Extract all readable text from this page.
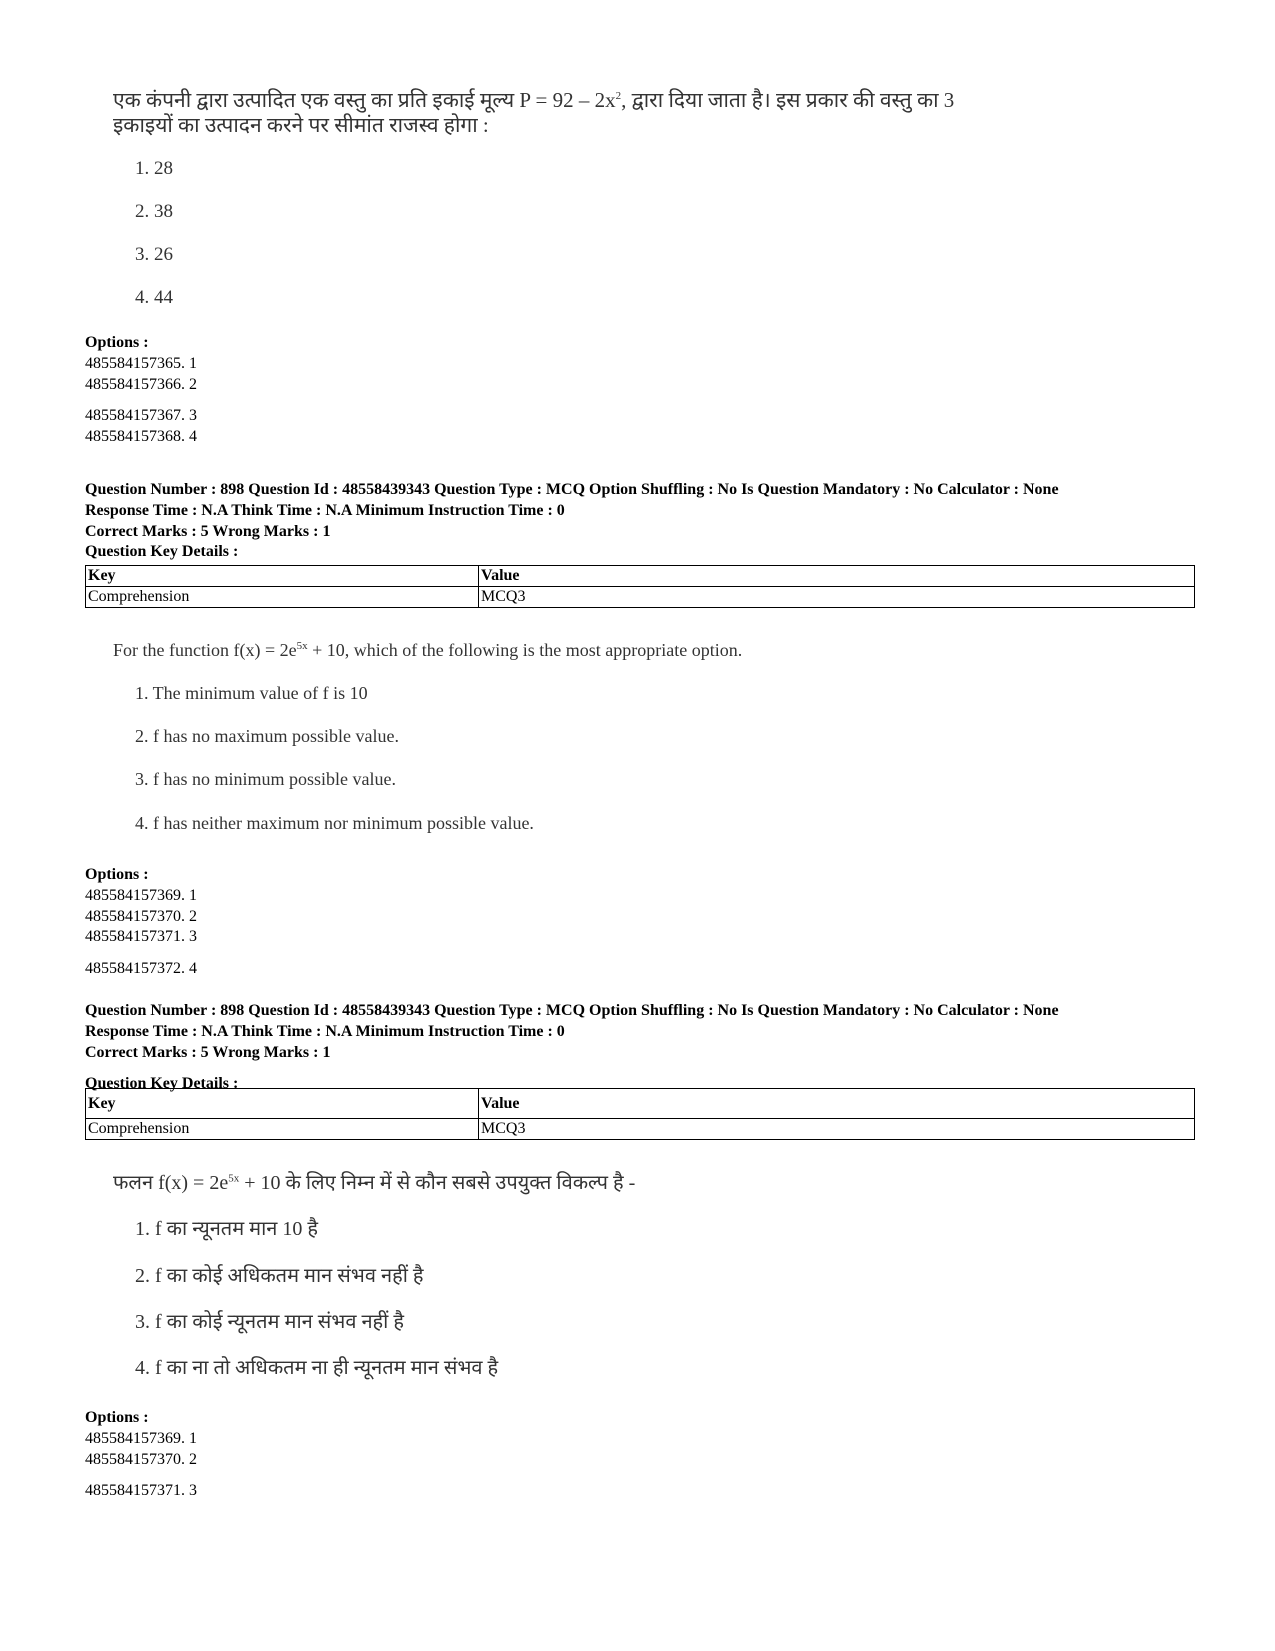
एक कंपनी द्वारा उत्पादित एक वस्तु का प्रति इकाई मूल्य $P = 92 - 2x^2$, द्वारा दिया जाता है। इस प्रकार की वस्तु का 3
इकाइयों का उत्पादन करने पर सीमांत राजस्व होगा :
1. 28
2. 38
3. 26
4. 44
Options :
485584157365. 1
485584157366. 2
485584157367. 3
485584157368. 4
Question Number : 898 Question Id : 48558439343 Question Type : MCQ Option Shuffling : No Is Question Mandatory : No Calculator : None
Response Time : N.A Think Time : N.A Minimum Instruction Time : 0
Correct Marks : 5 Wrong Marks : 1
Question Key Details :
Key	Value
Comprehension	MCQ3
For the function $f(x) = 2e^{5x} + 10$, which of the following is the most appropriate option.
1. The minimum value of f is 10
2. f has no maximum possible value.
3. f has no minimum possible value.
4. f has neither maximum nor minimum possible value.
Options :
485584157369. 1
485584157370. 2
485584157371. 3
485584157372. 4
Question Number : 898 Question Id : 48558439343 Question Type : MCQ Option Shuffling : No Is Question Mandatory : No Calculator : None
Response Time : N.A Think Time : N.A Minimum Instruction Time : 0
Correct Marks : 5 Wrong Marks : 1
Question Key Details :
Key	Value
Comprehension	MCQ3
फलन $f(x) = 2e^{5x} + 10$ के लिए निम्न में से कौन सबसे उपयुक्त विकल्प है -
1. f का न्यूनतम मान 10 है
2. f का कोई अधिकतम मान संभव नहीं है
3. f का कोई न्यूनतम मान संभव नहीं है
4. f का ना तो अधिकतम ना ही न्यूनतम मान संभव है
Options :
485584157369. 1
485584157370. 2
485584157371. 3
